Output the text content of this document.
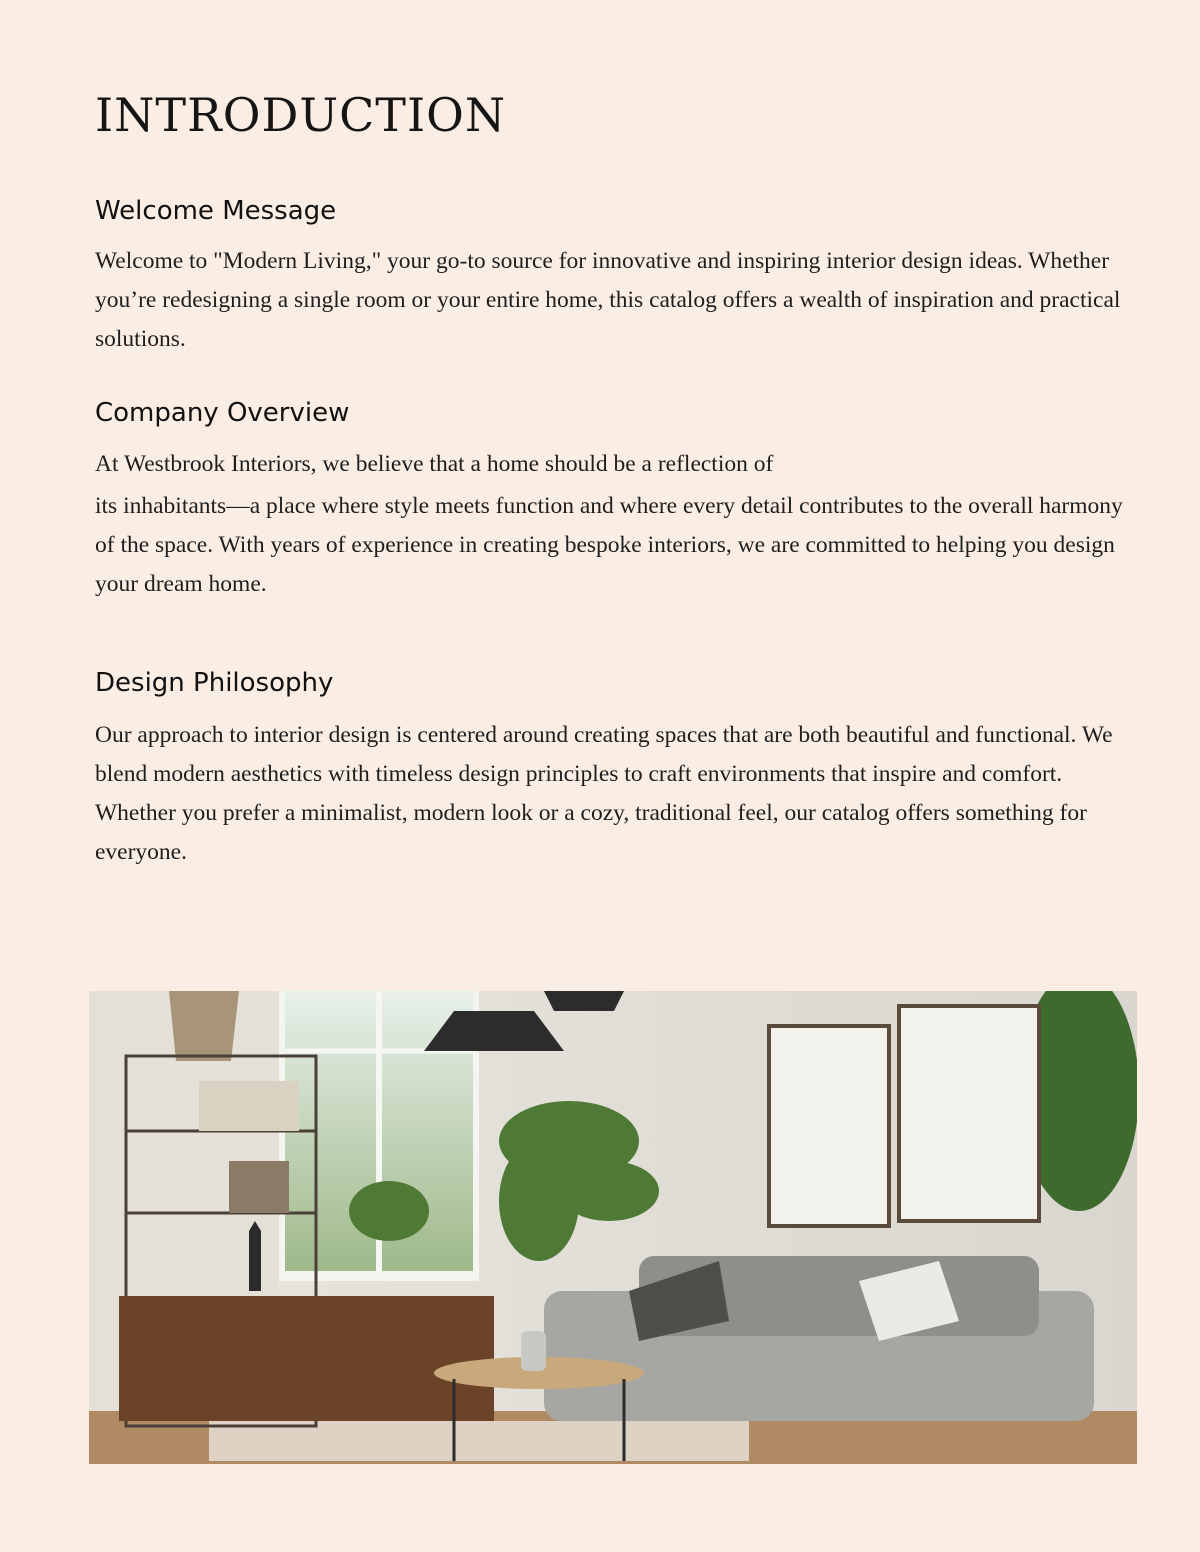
INTRODUCTION
Welcome Message

Welcome to "Modern Living," your go-to source for innovative and inspiring interior design ideas. Whether you’re redesigning a single room or your entire home, this catalog offers a wealth of inspiration and practical solutions.

Company Overview

At Westbrook Interiors, we believe that a home should be a reflection of

its inhabitants—a place where style meets function and where every detail contributes to the overall harmony of the space. With years of experience in creating bespoke interiors, we are committed to helping you design your dream home.

Design Philosophy

Our approach to interior design is centered around creating spaces that are both beautiful and functional. We blend modern aesthetics with timeless design principles to craft environments that inspire and comfort. Whether you prefer a minimalist, modern look or a cozy, traditional feel, our catalog offers something for everyone.
